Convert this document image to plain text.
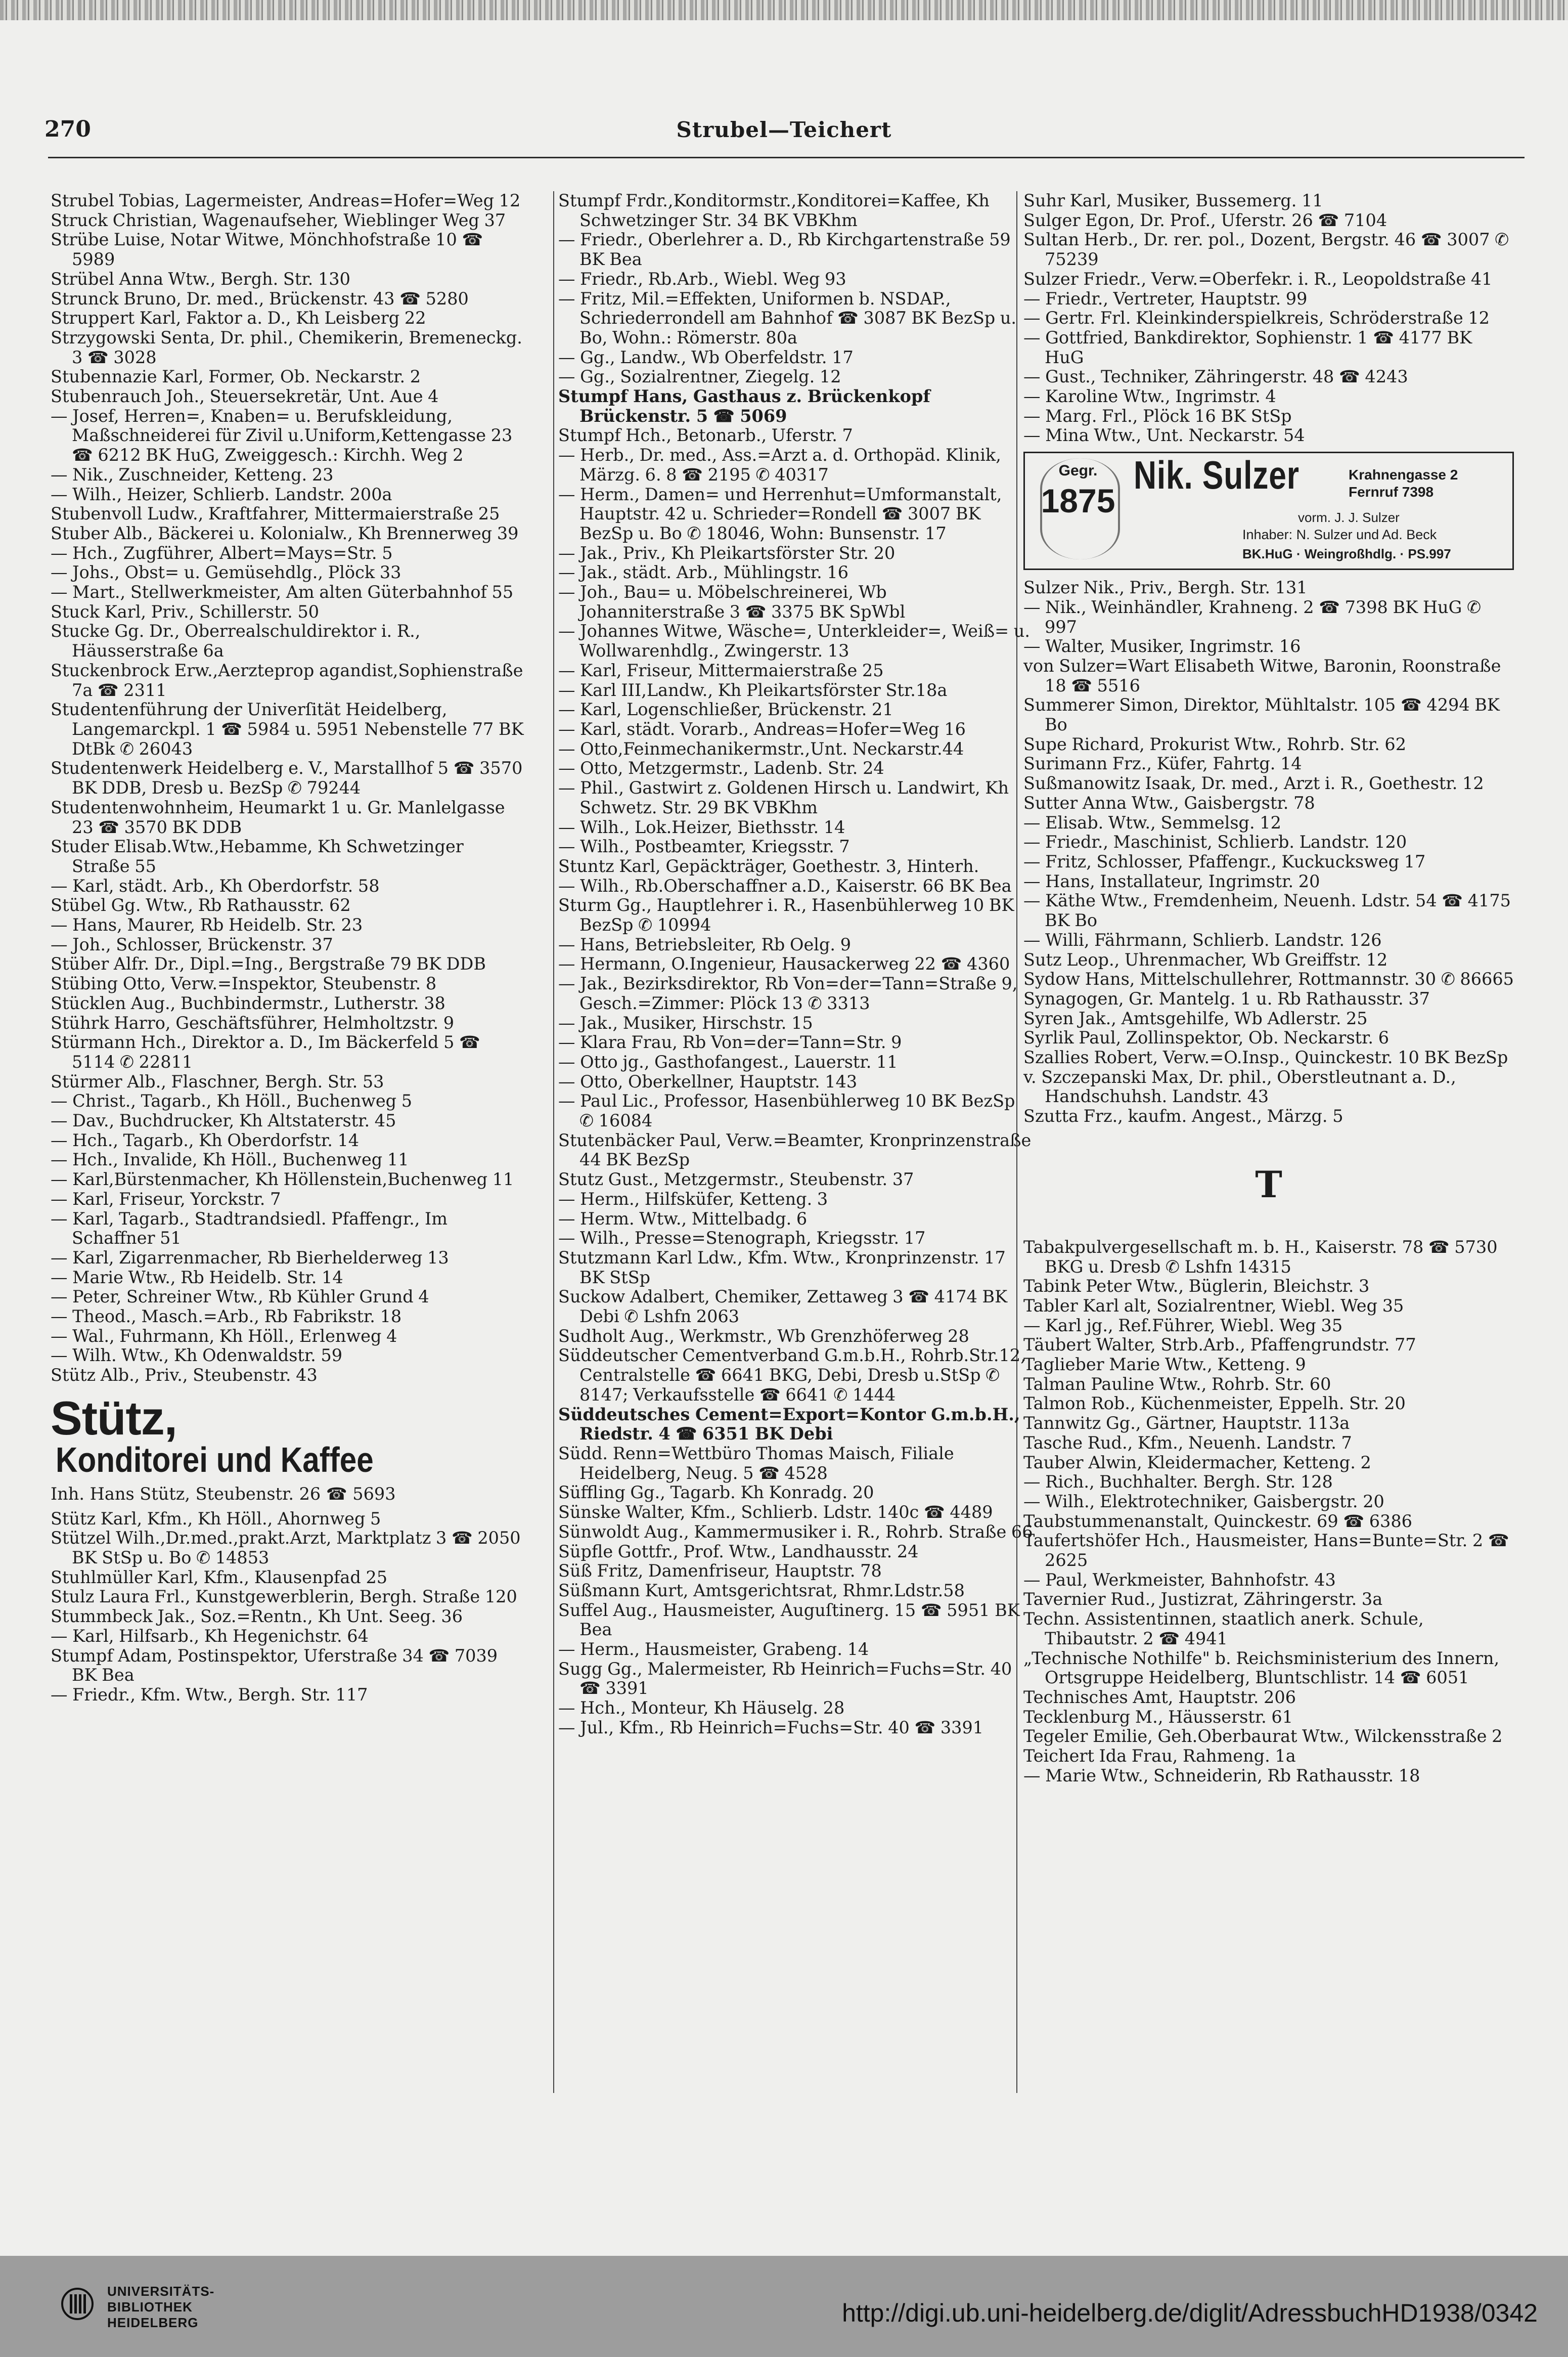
270	Strubel—Teichert
Strubel Tobias, Lagermeister, Andreas=Hofer=Weg 12
Struck Christian, Wagenaufseher, Wieblinger Weg 37
Strübe Luise, Notar Witwe, Mönchhofstraße 10 ☎ 5989
Strübel Anna Wtw., Bergh. Str. 130
Strunck Bruno, Dr. med., Brückenstr. 43 ☎ 5280
Struppert Karl, Faktor a. D., Kh Leisberg 22
Strzygowski Senta, Dr. phil., Chemikerin, Bremeneckg. 3 ☎ 3028
Stubennazie Karl, Former, Ob. Neckarstr. 2
Stubenrauch Joh., Steuersekretär, Unt. Aue 4
— Josef, Herren=, Knaben= u. Berufskleidung, Maßschneiderei für Zivil u.Uniform,Kettengasse 23 ☎ 6212 BK HuG, Zweiggesch.: Kirchh. Weg 2
— Nik., Zuschneider, Ketteng. 23
— Wilh., Heizer, Schlierb. Landstr. 200a
Stubenvoll Ludw., Kraftfahrer, Mittermaierstraße 25
Stuber Alb., Bäckerei u. Kolonialw., Kh Brennerweg 39
— Hch., Zugführer, Albert=Mays=Str. 5
— Johs., Obst= u. Gemüsehdlg., Plöck 33
— Mart., Stellwerkmeister, Am alten Güterbahnhof 55
Stuck Karl, Priv., Schillerstr. 50
Stucke Gg. Dr., Oberrealschuldirektor i. R., Häusserstraße 6a
Stuckenbrock Erw.,Aerzteprop agandist,Sophienstraße 7a ☎ 2311
Studentenführung der Univerſität Heidelberg, Langemarckpl. 1 ☎ 5984 u. 5951 Nebenstelle 77 BK DtBk ✆ 26043
Studentenwerk Heidelberg e. V., Marstallhof 5 ☎ 3570 BK DDB, Dresb u. BezSp ✆ 79244
Studentenwohnheim, Heumarkt 1 u. Gr. Manlelgasse 23 ☎ 3570 BK DDB
Studer Elisab.Wtw.,Hebamme, Kh Schwetzinger Straße 55
— Karl, städt. Arb., Kh Oberdorfstr. 58
Stübel Gg. Wtw., Rb Rathausstr. 62
— Hans, Maurer, Rb Heidelb. Str. 23
— Joh., Schlosser, Brückenstr. 37
Stüber Alfr. Dr., Dipl.=Ing., Bergstraße 79 BK DDB
Stübing Otto, Verw.=Inspektor, Steubenstr. 8
Stücklen Aug., Buchbindermstr., Lutherstr. 38
Stührk Harro, Geschäftsführer, Helmholtzstr. 9
Stürmann Hch., Direktor a. D., Im Bäckerfeld 5 ☎ 5114 ✆ 22811
Stürmer Alb., Flaschner, Bergh. Str. 53
— Christ., Tagarb., Kh Höll., Buchenweg 5
— Dav., Buchdrucker, Kh Altstaterstr. 45
— Hch., Tagarb., Kh Oberdorfstr. 14
— Hch., Invalide, Kh Höll., Buchenweg 11
— Karl,Bürstenmacher, Kh Höllenstein,Buchenweg 11
— Karl, Friseur, Yorckstr. 7
— Karl, Tagarb., Stadtrandsiedl. Pfaffengr., Im Schaffner 51
— Karl, Zigarrenmacher, Rb Bierhelderweg 13
— Marie Wtw., Rb Heidelb. Str. 14
— Peter, Schreiner Wtw., Rb Kühler Grund 4
— Theod., Masch.=Arb., Rb Fabrikstr. 18
— Wal., Fuhrmann, Kh Höll., Erlenweg 4
— Wilh. Wtw., Kh Odenwaldstr. 59
Stütz Alb., Priv., Steubenstr. 43
Stütz, Konditorei und Kaffee
Inh. Hans Stütz, Steubenstr. 26 ☎ 5693
Stütz Karl, Kfm., Kh Höll., Ahornweg 5
Stützel Wilh.,Dr.med.,prakt.Arzt, Marktplatz 3 ☎ 2050 BK StSp u. Bo ✆ 14853
Stuhlmüller Karl, Kfm., Klausenpfad 25
Stulz Laura Frl., Kunstgewerblerin, Bergh. Straße 120
Stummbeck Jak., Soz.=Rentn., Kh Unt. Seeg. 36
— Karl, Hilfsarb., Kh Hegenichstr. 64
Stumpf Adam, Postinspektor, Uferstraße 34 ☎ 7039 BK Bea
— Friedr., Kfm. Wtw., Bergh. Str. 117
Stumpf Frdr.,Konditormstr.,Konditorei=Kaffee, Kh Schwetzinger Str. 34 BK VBKhm
— Friedr., Oberlehrer a. D., Rb Kirchgartenstraße 59 BK Bea
— Friedr., Rb.Arb., Wiebl. Weg 93
— Fritz, Mil.=Effekten, Uniformen b. NSDAP., Schriederrondell am Bahnhof ☎ 3087 BK BezSp u. Bo, Wohn.: Römerstr. 80a
— Gg., Landw., Wb Oberfeldstr. 17
— Gg., Sozialrentner, Ziegelg. 12
Stumpf Hans, Gasthaus z. Brückenkopf Brückenstr. 5 ☎ 5069
Stumpf Hch., Betonarb., Uferstr. 7
— Herb., Dr. med., Ass.=Arzt a. d. Orthopäd. Klinik, Märzg. 6. 8 ☎ 2195 ✆ 40317
— Herm., Damen= und Herrenhut=Umformanstalt, Hauptstr. 42 u. Schrieder=Rondell ☎ 3007 BK BezSp u. Bo ✆ 18046, Wohn: Bunsenstr. 17
— Jak., Priv., Kh Pleikartsförster Str. 20
— Jak., städt. Arb., Mühlingstr. 16
— Joh., Bau= u. Möbelschreinerei, Wb Johanniterstraße 3 ☎ 3375 BK SpWbl
— Johannes Witwe, Wäsche=, Unterkleider=, Weiß= u. Wollwarenhdlg., Zwingerstr. 13
— Karl, Friseur, Mittermaierstraße 25
— Karl III,Landw., Kh Pleikartsförster Str.18a
— Karl, Logenschließer, Brückenstr. 21
— Karl, städt. Vorarb., Andreas=Hofer=Weg 16
— Otto,Feinmechanikermstr.,Unt. Neckarstr.44
— Otto, Metzgermstr., Ladenb. Str. 24
— Phil., Gastwirt z. Goldenen Hirsch u. Landwirt, Kh Schwetz. Str. 29 BK VBKhm
— Wilh., Lok.Heizer, Biethsstr. 14
— Wilh., Postbeamter, Kriegsstr. 7
Stuntz Karl, Gepäckträger, Goethestr. 3, Hinterh.
— Wilh., Rb.Oberschaffner a.D., Kaiserstr. 66 BK Bea
Sturm Gg., Hauptlehrer i. R., Hasenbühlerweg 10 BK BezSp ✆ 10994
— Hans, Betriebsleiter, Rb Oelg. 9
— Hermann, O.Ingenieur, Hausackerweg 22 ☎ 4360
— Jak., Bezirksdirektor, Rb Von=der=Tann=Straße 9, Gesch.=Zimmer: Plöck 13 ✆ 3313
— Jak., Musiker, Hirschstr. 15
— Klara Frau, Rb Von=der=Tann=Str. 9
— Otto jg., Gasthofangest., Lauerstr. 11
— Otto, Oberkellner, Hauptstr. 143
— Paul Lic., Professor, Hasenbühlerweg 10 BK BezSp ✆ 16084
Stutenbäcker Paul, Verw.=Beamter, Kronprinzenstraße 44 BK BezSp
Stutz Gust., Metzgermstr., Steubenstr. 37
— Herm., Hilfsküfer, Ketteng. 3
— Herm. Wtw., Mittelbadg. 6
— Wilh., Presse=Stenograph, Kriegsstr. 17
Stutzmann Karl Ldw., Kfm. Wtw., Kronprinzenstr. 17 BK StSp
Suckow Adalbert, Chemiker, Zettaweg 3 ☎ 4174 BK Debi ✆ Lshfn 2063
Sudholt Aug., Werkmstr., Wb Grenzhöferweg 28
Süddeutscher Cementverband G.m.b.H., Rohrb.Str.12, Centralstelle ☎ 6641 BKG, Debi, Dresb u.StSp ✆ 8147; Verkaufsstelle ☎ 6641 ✆ 1444
Süddeutsches Cement=Export=Kontor G.m.b.H., Riedstr. 4 ☎ 6351 BK Debi
Südd. Renn=Wettbüro Thomas Maisch, Filiale Heidelberg, Neug. 5 ☎ 4528
Süffling Gg., Tagarb. Kh Konradg. 20
Sünske Walter, Kfm., Schlierb. Ldstr. 140c ☎ 4489
Sünwoldt Aug., Kammermusiker i. R., Rohrb. Straße 66
Süpfle Gottfr., Prof. Wtw., Landhausstr. 24
Süß Fritz, Damenfriseur, Hauptstr. 78
Süßmann Kurt, Amtsgerichtsrat, Rhmr.Ldstr.58
Suffel Aug., Hausmeister, Auguſtinerg. 15 ☎ 5951 BK Bea
— Herm., Hausmeister, Grabeng. 14
Sugg Gg., Malermeister, Rb Heinrich=Fuchs=Str. 40 ☎ 3391
— Hch., Monteur, Kh Häuselg. 28
— Jul., Kfm., Rb Heinrich=Fuchs=Str. 40 ☎ 3391
Suhr Karl, Musiker, Bussemerg. 11
Sulger Egon, Dr. Prof., Uferstr. 26 ☎ 7104
Sultan Herb., Dr. rer. pol., Dozent, Bergstr. 46 ☎ 3007 ✆ 75239
Sulzer Friedr., Verw.=Oberfekr. i. R., Leopoldstraße 41
— Friedr., Vertreter, Hauptstr. 99
— Gertr. Frl. Kleinkinderspielkreis, Schröderstraße 12
— Gottfried, Bankdirektor, Sophienstr. 1 ☎ 4177 BK HuG
— Gust., Techniker, Zähringerstr. 48 ☎ 4243
— Karoline Wtw., Ingrimstr. 4
— Marg. Frl., Plöck 16 BK StSp
— Mina Wtw., Unt. Neckarstr. 54
Gegr.
1875
Nik. Sulzer	Krahnengasse 2
Fernruf 7398
vorm. J. J. Sulzer
Inhaber: N. Sulzer und Ad. Beck
BK.HuG · Weingroßhdlg. · PS.997
Sulzer Nik., Priv., Bergh. Str. 131
— Nik., Weinhändler, Krahneng. 2 ☎ 7398 BK HuG ✆ 997
— Walter, Musiker, Ingrimstr. 16
von Sulzer=Wart Elisabeth Witwe, Baronin, Roonstraße 18 ☎ 5516
Summerer Simon, Direktor, Mühltalstr. 105 ☎ 4294 BK Bo
Supe Richard, Prokurist Wtw., Rohrb. Str. 62
Surimann Frz., Küfer, Fahrtg. 14
Sußmanowitz Isaak, Dr. med., Arzt i. R., Goethestr. 12
Sutter Anna Wtw., Gaisbergstr. 78
— Elisab. Wtw., Semmelsg. 12
— Friedr., Maschinist, Schlierb. Landstr. 120
— Fritz, Schlosser, Pfaffengr., Kuckucksweg 17
— Hans, Installateur, Ingrimstr. 20
— Käthe Wtw., Fremdenheim, Neuenh. Ldstr. 54 ☎ 4175 BK Bo
— Willi, Fährmann, Schlierb. Landstr. 126
Sutz Leop., Uhrenmacher, Wb Greiffstr. 12
Sydow Hans, Mittelschullehrer, Rottmannstr. 30 ✆ 86665
Synagogen, Gr. Mantelg. 1 u. Rb Rathausstr. 37
Syren Jak., Amtsgehilfe, Wb Adlerstr. 25
Syrlik Paul, Zollinspektor, Ob. Neckarstr. 6
Szallies Robert, Verw.=O.Insp., Quinckestr. 10 BK BezSp
v. Szczepanski Max, Dr. phil., Oberstleutnant a. D., Handschuhsh. Landstr. 43
Szutta Frz., kaufm. Angest., Märzg. 5
T
Tabakpulvergesellschaft m. b. H., Kaiserstr. 78 ☎ 5730 BKG u. Dresb ✆ Lshfn 14315
Tabink Peter Wtw., Büglerin, Bleichstr. 3
Tabler Karl alt, Sozialrentner, Wiebl. Weg 35
— Karl jg., Ref.Führer, Wiebl. Weg 35
Täubert Walter, Strb.Arb., Pfaffengrundstr. 77
Taglieber Marie Wtw., Ketteng. 9
Talman Pauline Wtw., Rohrb. Str. 60
Talmon Rob., Küchenmeister, Eppelh. Str. 20
Tannwitz Gg., Gärtner, Hauptstr. 113a
Tasche Rud., Kfm., Neuenh. Landstr. 7
Tauber Alwin, Kleidermacher, Ketteng. 2
— Rich., Buchhalter. Bergh. Str. 128
— Wilh., Elektrotechniker, Gaisbergstr. 20
Taubstummenanstalt, Quinckestr. 69 ☎ 6386
Taufertshöfer Hch., Hausmeister, Hans=Bunte=Str. 2 ☎ 2625
— Paul, Werkmeister, Bahnhofstr. 43
Tavernier Rud., Justizrat, Zähringerstr. 3a
Techn. Assistentinnen, staatlich anerk. Schule, Thibautstr. 2 ☎ 4941
„Technische Nothilfe" b. Reichsministerium des Innern, Ortsgruppe Heidelberg, Bluntschlistr. 14 ☎ 6051
Technisches Amt, Hauptstr. 206
Tecklenburg M., Häusserstr. 61
Tegeler Emilie, Geh.Oberbaurat Wtw., Wilckensstraße 2
Teichert Ida Frau, Rahmeng. 1a
— Marie Wtw., Schneiderin, Rb Rathausstr. 18
UNIVERSITÄTS-
BIBLIOTHEK
HEIDELBERG	http://digi.ub.uni-heidelberg.de/diglit/AdressbuchHD1938/0342
